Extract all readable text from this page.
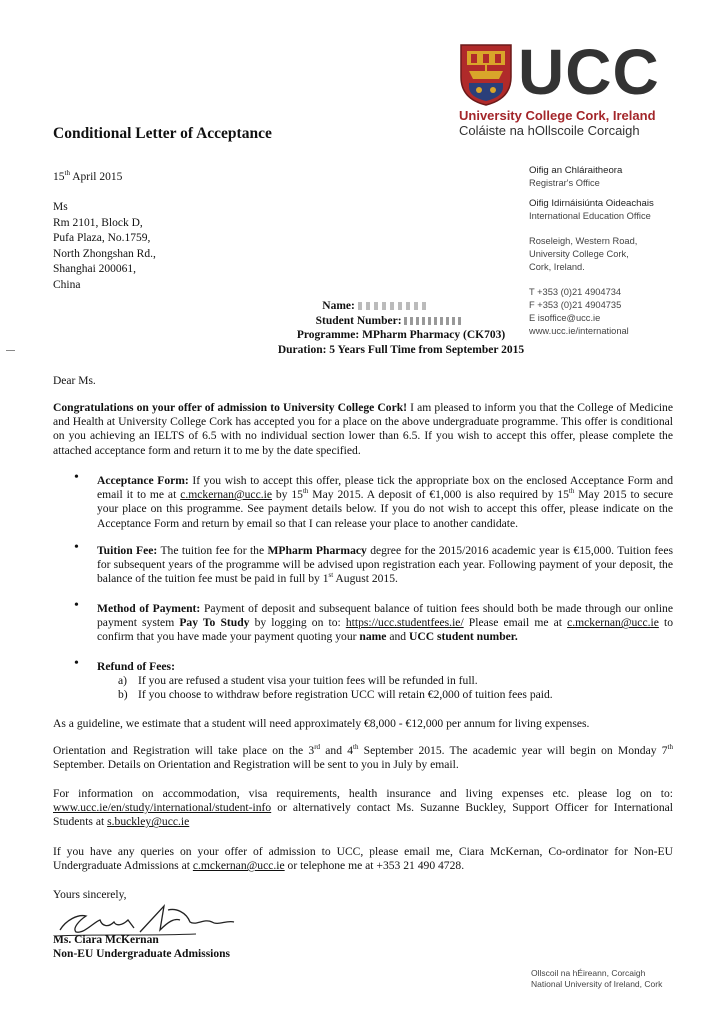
UCC
University College Cork, Ireland
Coláiste na hOllscoile Corcaigh
Conditional Letter of Acceptance
Oifig an Chláraitheora
Registrar's Office
Oifig Idirnáisiúnta Oideachais
International Education Office
Roseleigh, Western Road,
University College Cork,
Cork, Ireland.
T +353 (0)21 4904734
F +353 (0)21 4904735
E isoffice@ucc.ie
www.ucc.ie/international
15th April 2015
Ms
Rm 2101, Block D,
Pufa Plaza, No.1759,
North Zhongshan Rd.,
Shanghai 200061,
China
Name:
Student Number:
Programme: MPharm Pharmacy (CK703)
Duration: 5 Years Full Time from September 2015
Dear Ms.
Congratulations on your offer of admission to University College Cork! I am pleased to inform you that the College of Medicine and Health at University College Cork has accepted you for a place on the above undergraduate programme. This offer is conditional on you achieving an IELTS of 6.5 with no individual section lower than 6.5. If you wish to accept this offer, please complete the attached acceptance form and return it to me by the date specified.
• Acceptance Form: If you wish to accept this offer, please tick the appropriate box on the enclosed Acceptance Form and email it to me at c.mckernan@ucc.ie by 15th May 2015. A deposit of €1,000 is also required by 15th May 2015 to secure your place on this programme. See payment details below. If you do not wish to accept this offer, please indicate on the Acceptance Form and return by email so that I can release your place to another candidate.
• Tuition Fee: The tuition fee for the MPharm Pharmacy degree for the 2015/2016 academic year is €15,000. Tuition fees for subsequent years of the programme will be advised upon registration each year. Following payment of your deposit, the balance of the tuition fee must be paid in full by 1st August 2015.
• Method of Payment: Payment of deposit and subsequent balance of tuition fees should both be made through our online payment system Pay To Study by logging on to: https://ucc.studentfees.ie/ Please email me at c.mckernan@ucc.ie to confirm that you have made your payment quoting your name and UCC student number.
• Refund of Fees:
a) If you are refused a student visa your tuition fees will be refunded in full.
b) If you choose to withdraw before registration UCC will retain €2,000 of tuition fees paid.
As a guideline, we estimate that a student will need approximately €8,000 - €12,000 per annum for living expenses.
Orientation and Registration will take place on the 3rd and 4th September 2015. The academic year will begin on Monday 7th September. Details on Orientation and Registration will be sent to you in July by email.
For information on accommodation, visa requirements, health insurance and living expenses etc. please log on to: www.ucc.ie/en/study/international/student-info or alternatively contact Ms. Suzanne Buckley, Support Officer for International Students at s.buckley@ucc.ie
If you have any queries on your offer of admission to UCC, please email me, Ciara McKernan, Co-ordinator for Non-EU Undergraduate Admissions at c.mckernan@ucc.ie or telephone me at +353 21 490 4728.
Yours sincerely,
Ms. Ciara McKernan
Non-EU Undergraduate Admissions
Ollscoil na hÉireann, Corcaigh
National University of Ireland, Cork
